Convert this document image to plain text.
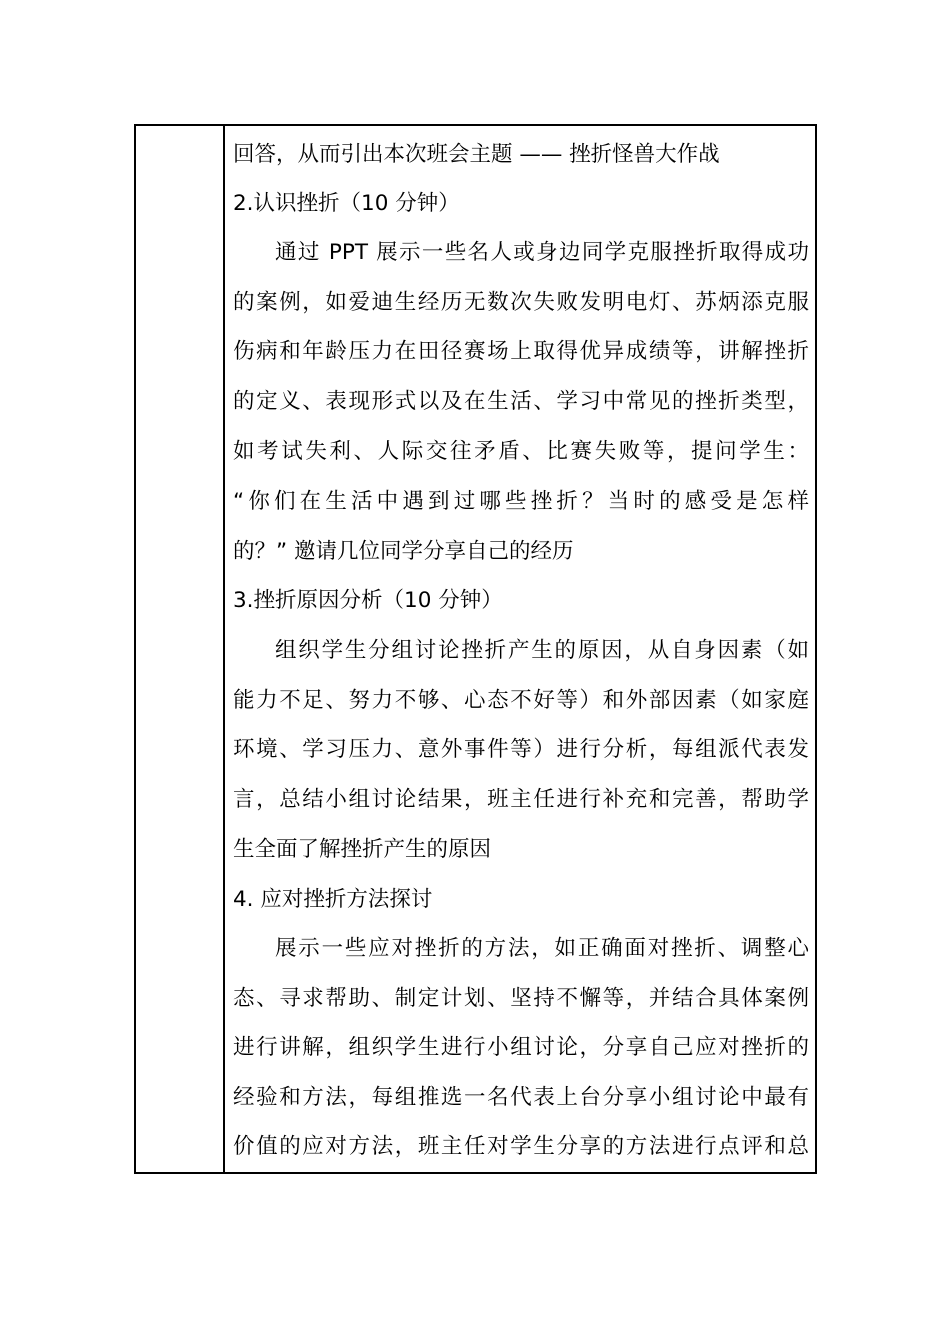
回答，从而引出本次班会主题 —— 挫折怪兽大作战
2.认识挫折（10 分钟）
通过 PPT 展示一些名人或身边同学克服挫折取得成功
的案例，如爱迪生经历无数次失败发明电灯、苏炳添克服
伤病和年龄压力在田径赛场上取得优异成绩等，讲解挫折
的定义、表现形式以及在生活、学习中常见的挫折类型，
如考试失利、人际交往矛盾、比赛失败等，提问学生：
“你们在生活中遇到过哪些挫折？当时的感受是怎样
的？” 邀请几位同学分享自己的经历
3.挫折原因分析（10 分钟）
组织学生分组讨论挫折产生的原因，从自身因素（如
能力不足、努力不够、心态不好等）和外部因素（如家庭
环境、学习压力、意外事件等）进行分析，每组派代表发
言，总结小组讨论结果，班主任进行补充和完善，帮助学
生全面了解挫折产生的原因
4. 应对挫折方法探讨
展示一些应对挫折的方法，如正确面对挫折、调整心
态、寻求帮助、制定计划、坚持不懈等，并结合具体案例
进行讲解，组织学生进行小组讨论，分享自己应对挫折的
经验和方法，每组推选一名代表上台分享小组讨论中最有
价值的应对方法，班主任对学生分享的方法进行点评和总
